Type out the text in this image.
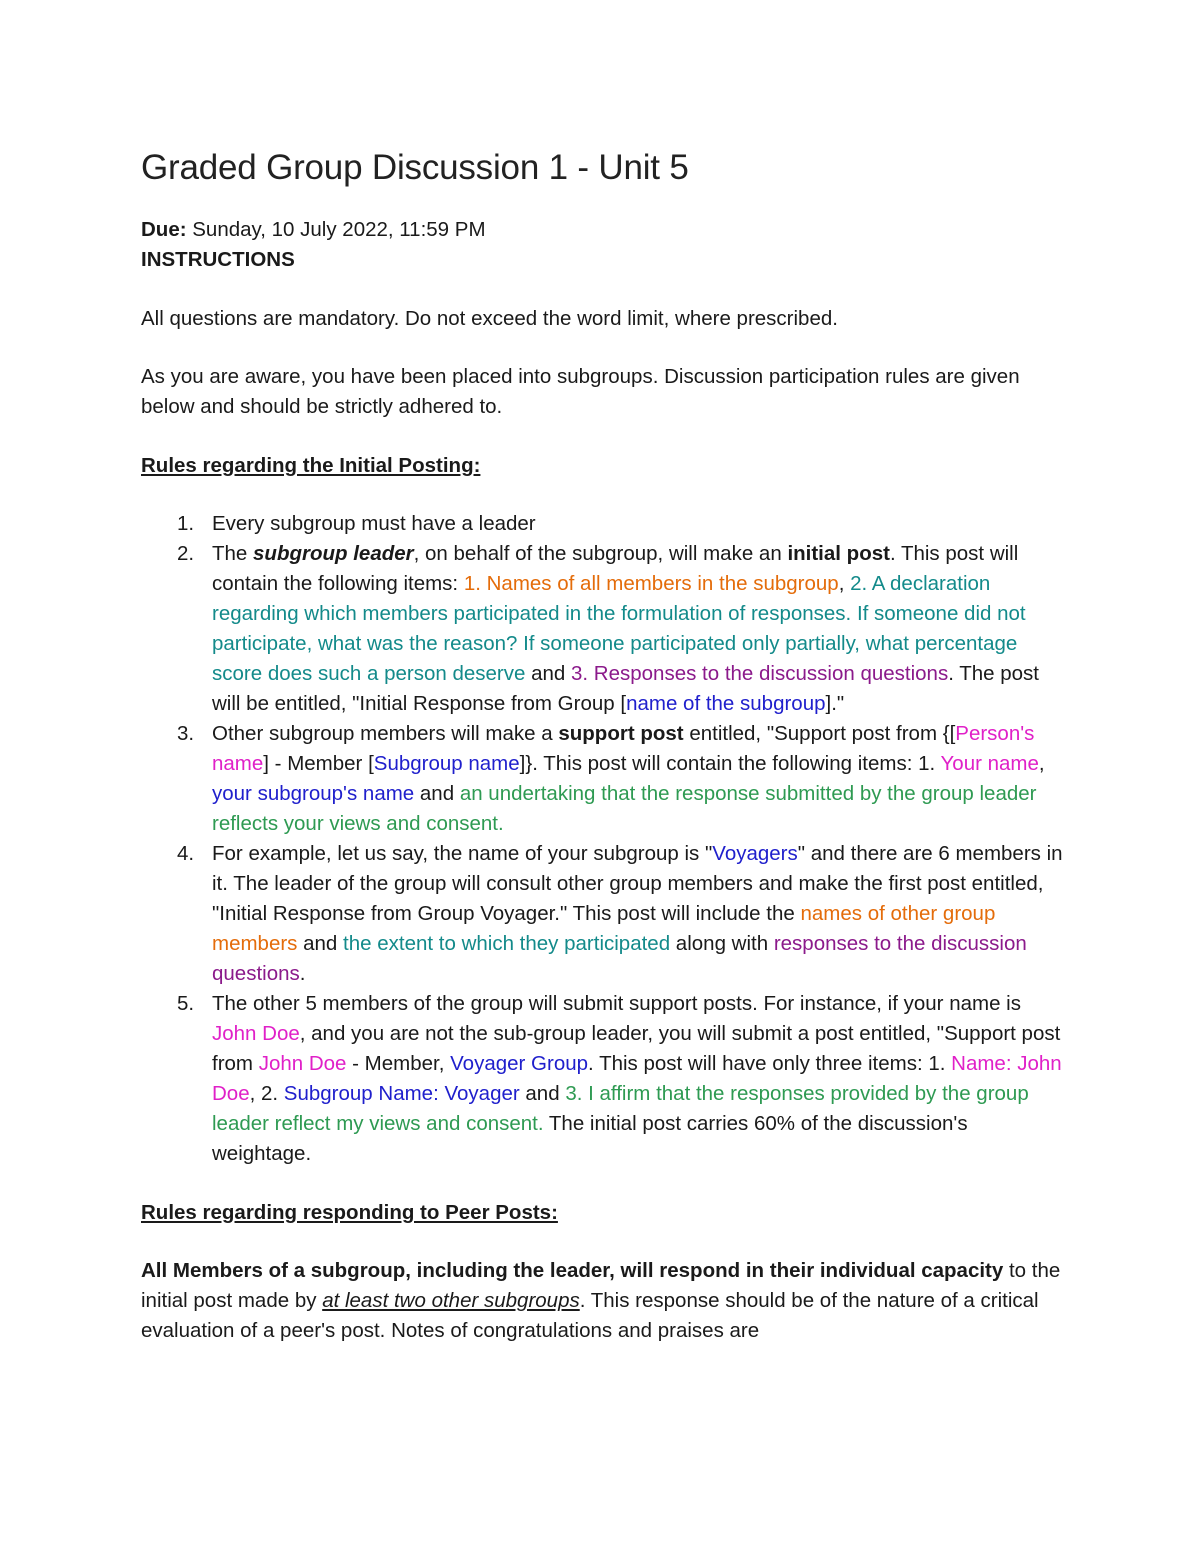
Graded Group Discussion 1 - Unit 5

Due: Sunday, 10 July 2022, 11:59 PM

INSTRUCTIONS

All questions are mandatory. Do not exceed the word limit, where prescribed.

As you are aware, you have been placed into subgroups. Discussion participation rules are given below and should be strictly adhered to.

Rules regarding the Initial Posting:

1. Every subgroup must have a leader
2. The subgroup leader, on behalf of the subgroup, will make an initial post. This post will contain the following items: 1. Names of all members in the subgroup, 2. A declaration regarding which members participated in the formulation of responses. If someone did not participate, what was the reason? If someone participated only partially, what percentage score does such a person deserve and 3. Responses to the discussion questions. The post will be entitled, "Initial Response from Group [name of the subgroup]."
3. Other subgroup members will make a support post entitled, "Support post from {[Person's name] - Member [Subgroup name]}. This post will contain the following items: 1. Your name, your subgroup's name and an undertaking that the response submitted by the group leader reflects your views and consent.
4. For example, let us say, the name of your subgroup is "Voyagers" and there are 6 members in it. The leader of the group will consult other group members and make the first post entitled, "Initial Response from Group Voyager." This post will include the names of other group members and the extent to which they participated along with responses to the discussion questions.
5. The other 5 members of the group will submit support posts. For instance, if your name is John Doe, and you are not the sub-group leader, you will submit a post entitled, "Support post from John Doe - Member, Voyager Group. This post will have only three items: 1. Name: John Doe, 2. Subgroup Name: Voyager and 3. I affirm that the responses provided by the group leader reflect my views and consent. The initial post carries 60% of the discussion's weightage.

Rules regarding responding to Peer Posts:

All Members of a subgroup, including the leader, will respond in their individual capacity to the initial post made by at least two other subgroups. This response should be of the nature of a critical evaluation of a peer's post. Notes of congratulations and praises are
